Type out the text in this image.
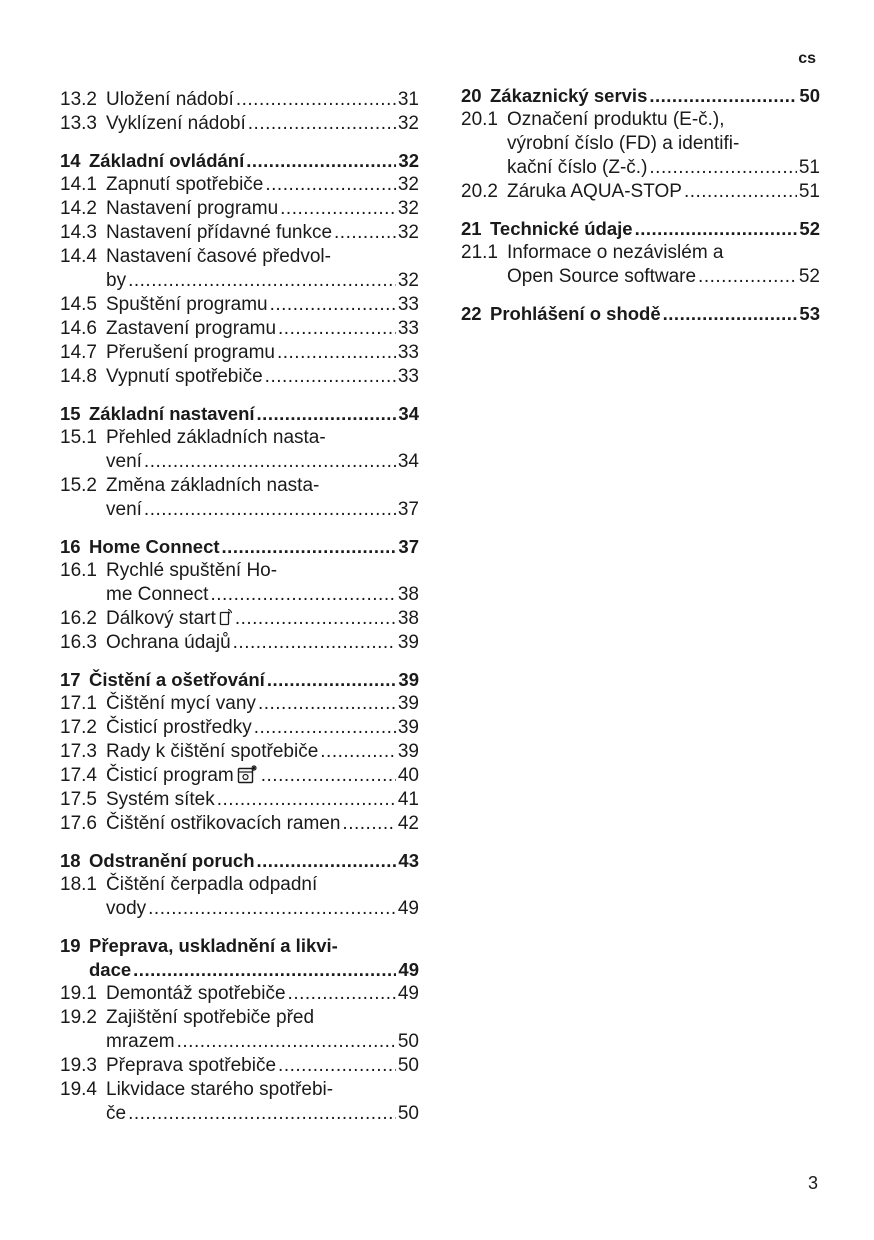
cs
13.2 Uložení nádobí .....	31
13.3 Vyklízení nádobí .....	32
14 Základní ovládání .....	32
14.1 Zapnutí spotřebiče .....	32
14.2 Nastavení programu .....	32
14.3 Nastavení přídavné funkce .....	32
14.4 Nastavení časové předvol-
by .....	32
14.5 Spuštění programu .....	33
14.6 Zastavení programu .....	33
14.7 Přerušení programu .....	33
14.8 Vypnutí spotřebiče .....	33
15 Základní nastavení .....	34
15.1 Přehled základních nasta-
vení .....	34
15.2 Změna základních nasta-
vení .....	37
16 Home Connect .....	37
16.1 Rychlé spuštění Ho-
me Connect .....	38
16.2 Dálkový start .....	38
16.3 Ochrana údajů .....	39
17 Čistění a ošetřování .....	39
17.1 Čištění mycí vany .....	39
17.2 Čisticí prostředky .....	39
17.3 Rady k čištění spotřebiče .....	39
17.4 Čisticí program .....	40
17.5 Systém sítek .....	41
17.6 Čištění ostřikovacích ramen .....	42
18 Odstranění poruch .....	43
18.1 Čištění čerpadla odpadní
vody .....	49
19 Přeprava, uskladnění a likvi-
dace .....	49
19.1 Demontáž spotřebiče .....	49
19.2 Zajištění spotřebiče před
mrazem .....	50
19.3 Přeprava spotřebiče .....	50
19.4 Likvidace starého spotřebi-
če .....	50
20 Zákaznický servis .....	50
20.1 Označení produktu (E-č.),
výrobní číslo (FD) a identifi-
kační číslo (Z-č.) .....	51
20.2 Záruka AQUA-STOP .....	51
21 Technické údaje .....	52
21.1 Informace o nezávislém a
Open Source software .....	52
22 Prohlášení o shodě .....	53
3
